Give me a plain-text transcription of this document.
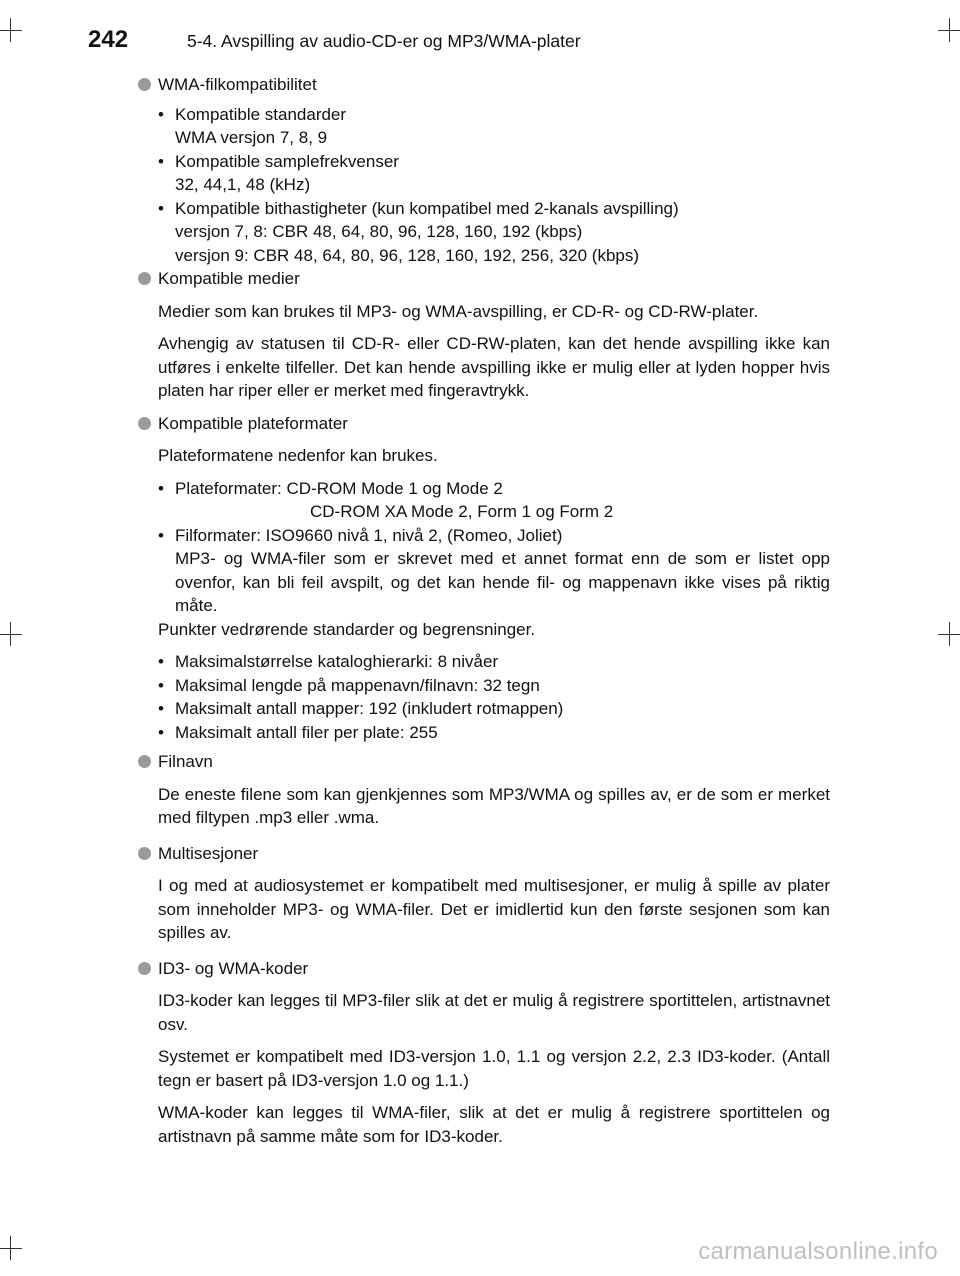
242	5-4. Avspilling av audio-CD-er og MP3/WMA-plater
WMA-filkompatibilitet
• Kompatible standarder
WMA versjon 7, 8, 9
• Kompatible samplefrekvenser
32, 44,1, 48 (kHz)
• Kompatible bithastigheter (kun kompatibel med 2-kanals avspilling)
versjon 7, 8: CBR 48, 64, 80, 96, 128, 160, 192 (kbps)
versjon 9: CBR 48, 64, 80, 96, 128, 160, 192, 256, 320 (kbps)
Kompatible medier
Medier som kan brukes til MP3- og WMA-avspilling, er CD-R- og CD-RW-plater.
Avhengig av statusen til CD-R- eller CD-RW-platen, kan det hende avspilling ikke kan utføres i enkelte tilfeller. Det kan hende avspilling ikke er mulig eller at lyden hopper hvis platen har riper eller er merket med fingeravtrykk.
Kompatible plateformater
Plateformatene nedenfor kan brukes.
• Plateformater: CD-ROM Mode 1 og Mode 2
CD-ROM XA Mode 2, Form 1 og Form 2
• Filformater: ISO9660 nivå 1, nivå 2, (Romeo, Joliet)
MP3- og WMA-filer som er skrevet med et annet format enn de som er listet opp ovenfor, kan bli feil avspilt, og det kan hende fil- og mappenavn ikke vises på riktig måte.
Punkter vedrørende standarder og begrensninger.
• Maksimalstørrelse kataloghierarki: 8 nivåer
• Maksimal lengde på mappenavn/filnavn: 32 tegn
• Maksimalt antall mapper: 192 (inkludert rotmappen)
• Maksimalt antall filer per plate: 255
Filnavn
De eneste filene som kan gjenkjennes som MP3/WMA og spilles av, er de som er merket med filtypen .mp3 eller .wma.
Multisesjoner
I og med at audiosystemet er kompatibelt med multisesjoner, er mulig å spille av plater som inneholder MP3- og WMA-filer. Det er imidlertid kun den første sesjonen som kan spilles av.
ID3- og WMA-koder
ID3-koder kan legges til MP3-filer slik at det er mulig å registrere sportittelen, artistnavnet osv.
Systemet er kompatibelt med ID3-versjon 1.0, 1.1 og versjon 2.2, 2.3 ID3-koder. (Antall tegn er basert på ID3-versjon 1.0 og 1.1.)
WMA-koder kan legges til WMA-filer, slik at det er mulig å registrere sportittelen og artistnavn på samme måte som for ID3-koder.
carmanualsonline.info
